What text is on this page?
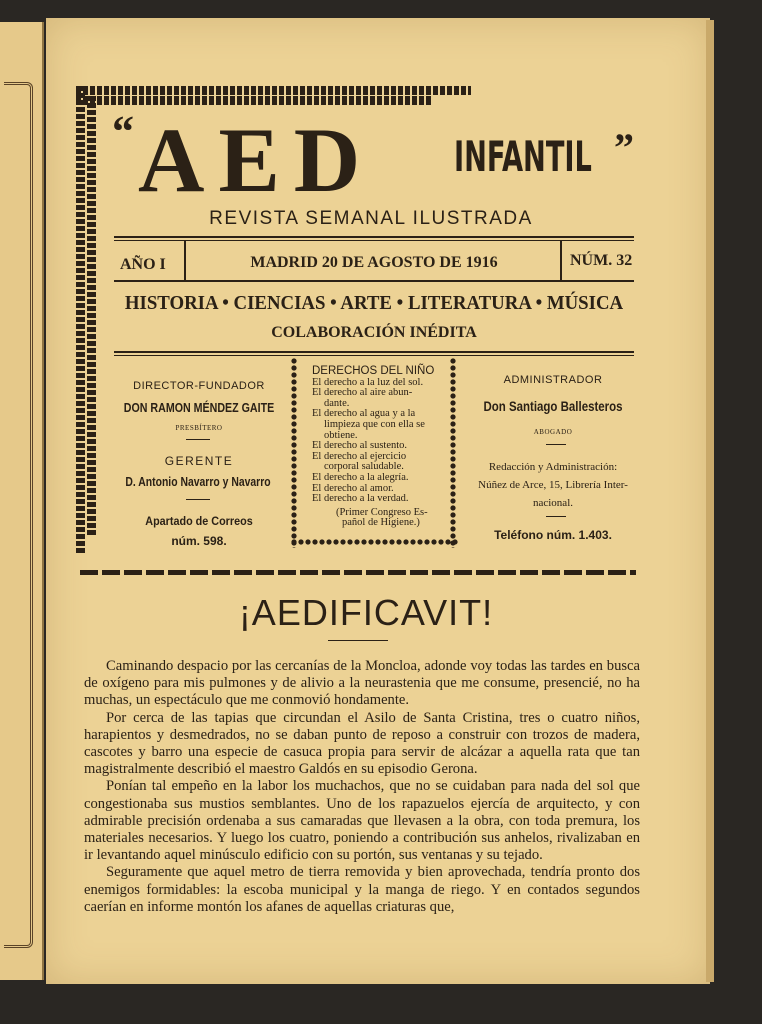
“ AED INFANTIL ”
REVISTA SEMANAL ILUSTRADA
AÑO I	MADRID 20 DE AGOSTO DE 1916	NÚM. 32
HISTORIA • CIENCIAS • ARTE • LITERATURA • MÚSICA
COLABORACIÓN INÉDITA
DIRECTOR-FUNDADOR
DON RAMON MÉNDEZ GAITE
PRESBÍTERO
GERENTE
D. Antonio Navarro y Navarro
Apartado de Correos
núm. 598.
DERECHOS DEL NIÑO
El derecho a la luz del sol.
El derecho al aire abun-
dante.
El derecho al agua y a la
limpieza que con ella se
obtiene.
El derecho al sustento.
El derecho al ejercicio
corporal saludable.
El derecho a la alegría.
El derecho al amor.
El derecho a la verdad.
(Primer Congreso Es-
pañol de Higiene.)
ADMINISTRADOR
Don Santiago Ballesteros
ABOGADO
Redacción y Administración:
Núñez de Arce, 15, Librería Inter-
nacional.
Teléfono núm. 1.403.
¡AEDIFICAVIT!

Caminando despacio por las cercanías de la Moncloa, adonde voy todas las tardes en busca de oxígeno para mis pulmones y de alivio a la neurastenia que me consume, presencié, no ha muchas, un espectáculo que me conmovió hondamente.

Por cerca de las tapias que circundan el Asilo de Santa Cristina, tres o cuatro niños, harapientos y desmedrados, no se daban punto de reposo a construir con trozos de madera, cascotes y barro una especie de casuca propia para servir de alcázar a aquella rata que tan magistralmente describió el maestro Galdós en su episodio Gerona.

Ponían tal empeño en la labor los muchachos, que no se cuidaban para nada del sol que congestionaba sus mustios semblantes. Uno de los rapazuelos ejercía de arquitecto, y con admirable precisión ordenaba a sus camaradas que llevasen a la obra, con toda premura, los materiales necesarios. Y luego los cuatro, poniendo a contribución sus anhelos, rivalizaban en ir levantando aquel minúsculo edificio con su portón, sus ventanas y su tejado.

Seguramente que aquel metro de tierra removida y bien aprovechada, tendría pronto dos enemigos formidables: la escoba municipal y la manga de riego. Y en contados segundos caerían en informe montón los afanes de aquellas criaturas que,
